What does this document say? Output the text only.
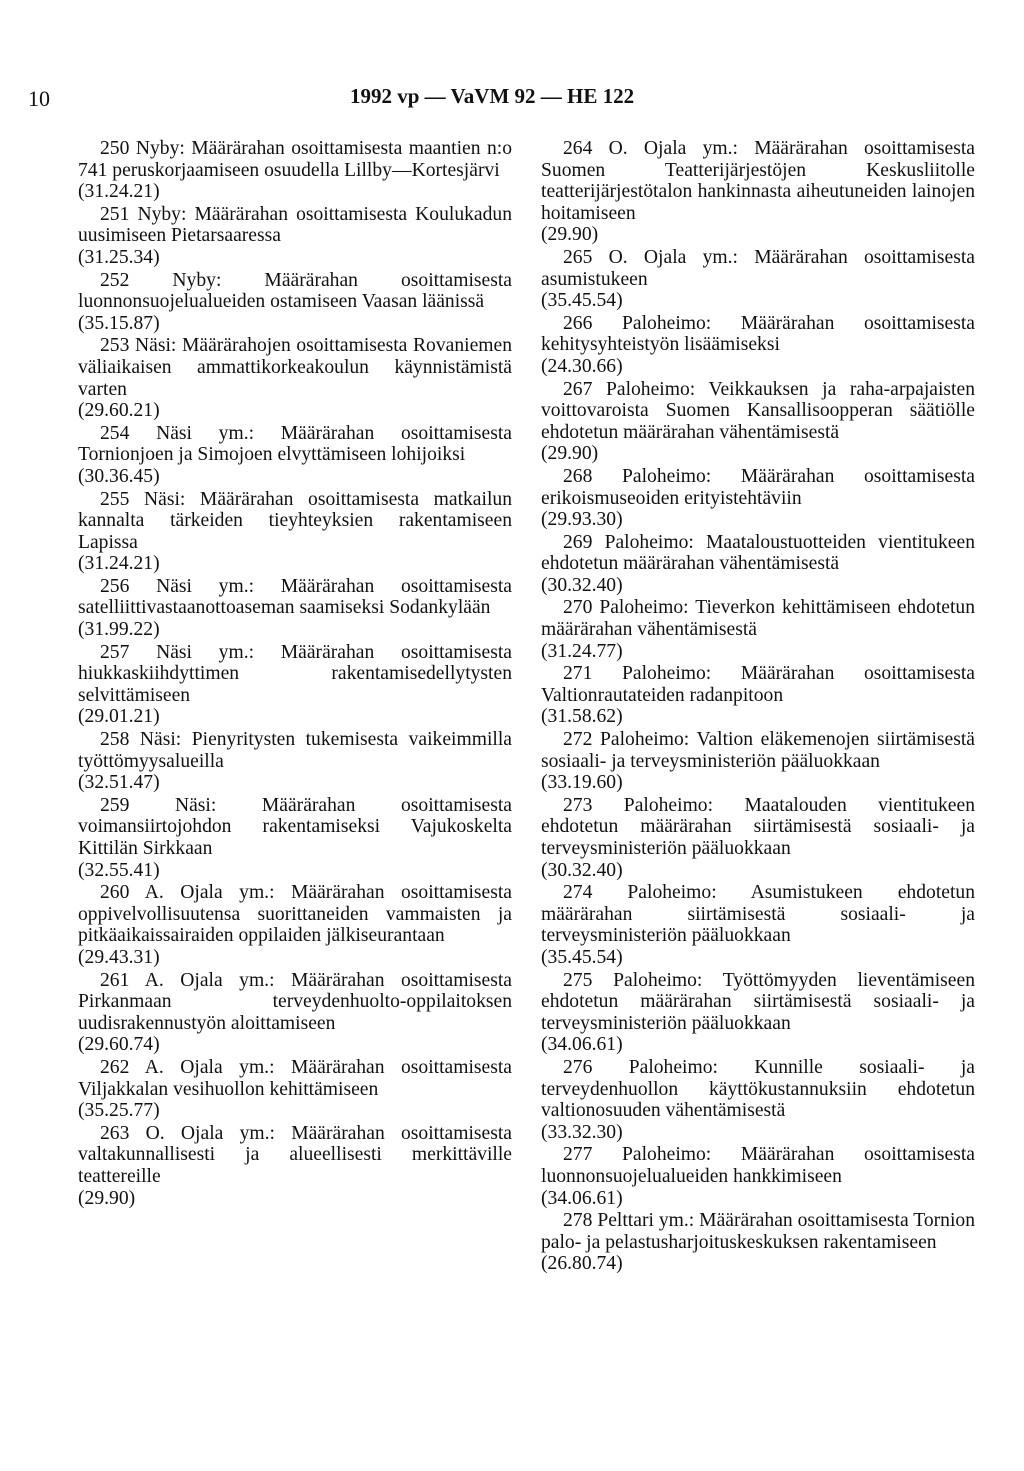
10	1992 vp — VaVM 92 — HE 122
250 Nyby: Määrärahan osoittamisesta maantien n:o 741 peruskorjaamiseen osuudella Lillby—Kortesjärvi
(31.24.21)
251 Nyby: Määrärahan osoittamisesta Koulukadun uusimiseen Pietarsaaressa
(31.25.34)
252 Nyby: Määrärahan osoittamisesta luonnonsuojelualueiden ostamiseen Vaasan läänissä
(35.15.87)
253 Näsi: Määrärahojen osoittamisesta Rovaniemen väliaikaisen ammattikorkeakoulun käynnistämistä varten
(29.60.21)
254 Näsi ym.: Määrärahan osoittamisesta Tornionjoen ja Simojoen elvyttämiseen lohijoiksi
(30.36.45)
255 Näsi: Määrärahan osoittamisesta matkailun kannalta tärkeiden tieyhteyksien rakentamiseen Lapissa
(31.24.21)
256 Näsi ym.: Määrärahan osoittamisesta satelliittivastaanottoaseman saamiseksi Sodankylään
(31.99.22)
257 Näsi ym.: Määrärahan osoittamisesta hiukkaskiihdyttimen rakentamisedellytysten selvittämiseen
(29.01.21)
258 Näsi: Pienyritysten tukemisesta vaikeimmilla työttömyysalueilla
(32.51.47)
259 Näsi: Määrärahan osoittamisesta voimansiirtojohdon rakentamiseksi Vajukoskelta Kittilän Sirkkaan
(32.55.41)
260 A. Ojala ym.: Määrärahan osoittamisesta oppivelvollisuutensa suorittaneiden vammaisten ja pitkäaikaissairaiden oppilaiden jälkiseurantaan
(29.43.31)
261 A. Ojala ym.: Määrärahan osoittamisesta Pirkanmaan terveydenhuolto-oppilaitoksen uudisrakennustyön aloittamiseen
(29.60.74)
262 A. Ojala ym.: Määrärahan osoittamisesta Viljakkalan vesihuollon kehittämiseen
(35.25.77)
263 O. Ojala ym.: Määrärahan osoittamisesta valtakunnallisesti ja alueellisesti merkittäville teattereille
(29.90)
264 O. Ojala ym.: Määrärahan osoittamisesta Suomen Teatterijärjestöjen Keskusliitolle teatterijärjestötalon hankinnasta aiheutuneiden lainojen hoitamiseen
(29.90)
265 O. Ojala ym.: Määrärahan osoittamisesta asumistukeen
(35.45.54)
266 Paloheimo: Määrärahan osoittamisesta kehitysyhteistyön lisäämiseksi
(24.30.66)
267 Paloheimo: Veikkauksen ja raha-arpajaisten voittovaroista Suomen Kansallisoopperan säätiölle ehdotetun määrärahan vähentämisestä
(29.90)
268 Paloheimo: Määrärahan osoittamisesta erikoismuseoiden erityistehtäviin
(29.93.30)
269 Paloheimo: Maataloustuotteiden vientitukeen ehdotetun määrärahan vähentämisestä
(30.32.40)
270 Paloheimo: Tieverkon kehittämiseen ehdotetun määrärahan vähentämisestä
(31.24.77)
271 Paloheimo: Määrärahan osoittamisesta Valtionrautateiden radanpitoon
(31.58.62)
272 Paloheimo: Valtion eläkemenojen siirtämisestä sosiaali- ja terveysministeriön pääluokkaan
(33.19.60)
273 Paloheimo: Maatalouden vientitukeen ehdotetun määrärahan siirtämisestä sosiaali- ja terveysministeriön pääluokkaan
(30.32.40)
274 Paloheimo: Asumistukeen ehdotetun määrärahan siirtämisestä sosiaali- ja terveysministeriön pääluokkaan
(35.45.54)
275 Paloheimo: Työttömyyden lieventämiseen ehdotetun määrärahan siirtämisestä sosiaali- ja terveysministeriön pääluokkaan
(34.06.61)
276 Paloheimo: Kunnille sosiaali- ja terveydenhuollon käyttökustannuksiin ehdotetun valtionosuuden vähentämisestä
(33.32.30)
277 Paloheimo: Määrärahan osoittamisesta luonnonsuojelualueiden hankkimiseen
(34.06.61)
278 Pelttari ym.: Määrärahan osoittamisesta Tornion palo- ja pelastusharjoituskeskuksen rakentamiseen
(26.80.74)
